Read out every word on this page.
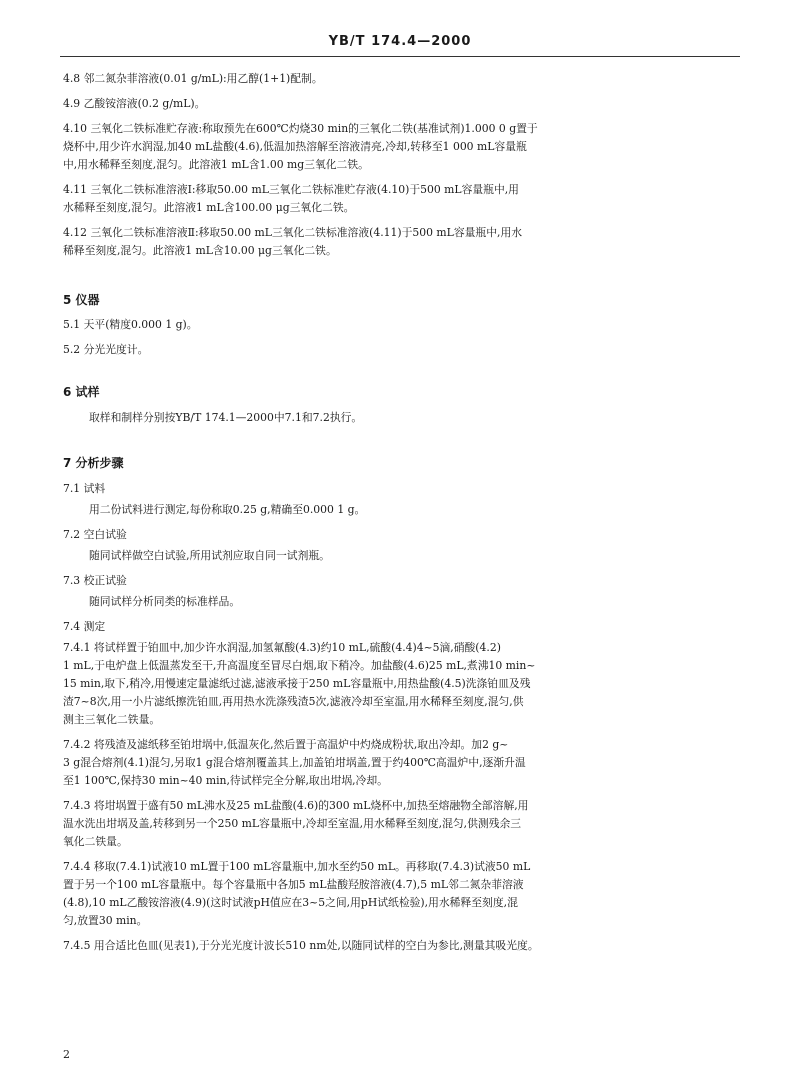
YB/T 174.4—2000
4.8 邻二氮杂菲溶液(0.01 g/mL):用乙醇(1+1)配制。
4.9 乙酸铵溶液(0.2 g/mL)。
4.10 三氧化二铁标准贮存液:称取预先在600℃灼烧30 min的三氧化二铁(基准试剂)1.000 0 g置于
烧杯中,用少许水润湿,加40 mL盐酸(4.6),低温加热溶解至溶液清亮,冷却,转移至1 000 mL容量瓶
中,用水稀释至刻度,混匀。此溶液1 mL含1.00 mg三氧化二铁。
4.11 三氧化二铁标准溶液Ⅰ:移取50.00 mL三氧化二铁标准贮存液(4.10)于500 mL容量瓶中,用
水稀释至刻度,混匀。此溶液1 mL含100.00 μg三氧化二铁。
4.12 三氧化二铁标准溶液Ⅱ:移取50.00 mL三氧化二铁标准溶液(4.11)于500 mL容量瓶中,用水
稀释至刻度,混匀。此溶液1 mL含10.00 μg三氧化二铁。
5.1 天平(精度0.000 1 g)。
5.2 分光光度计。
取样和制样分别按YB/T 174.1—2000中7.1和7.2执行。
7.1 试料
用二份试料进行测定,每份称取0.25 g,精确至0.000 1 g。
7.2 空白试验
随同试样做空白试验,所用试剂应取自同一试剂瓶。
7.3 校正试验
随同试样分析同类的标准样品。
7.4 测定
7.4.1 将试样置于铂皿中,加少许水润湿,加氢氟酸(4.3)约10 mL,硫酸(4.4)4~5滴,硝酸(4.2)
1 mL,于电炉盘上低温蒸发至干,升高温度至冒尽白烟,取下稍冷。加盐酸(4.6)25 mL,煮沸10 min~
15 min,取下,稍冷,用慢速定量滤纸过滤,滤液承接于250 mL容量瓶中,用热盐酸(4.5)洗涤铂皿及残
渣7~8次,用一小片滤纸擦洗铂皿,再用热水洗涤残渣5次,滤液冷却至室温,用水稀释至刻度,混匀,供
测主三氧化二铁量。
7.4.2 将残渣及滤纸移至铂坩埚中,低温灰化,然后置于高温炉中灼烧成粉状,取出冷却。加2 g~
3 g混合熔剂(4.1)混匀,另取1 g混合熔剂覆盖其上,加盖铂坩埚盖,置于约400℃高温炉中,逐渐升温
至1 100℃,保持30 min~40 min,待试样完全分解,取出坩埚,冷却。
7.4.3 将坩埚置于盛有50 mL沸水及25 mL盐酸(4.6)的300 mL烧杯中,加热至熔融物全部溶解,用
温水洗出坩埚及盖,转移到另一个250 mL容量瓶中,冷却至室温,用水稀释至刻度,混匀,供测残余三
氧化二铁量。
7.4.4 移取(7.4.1)试液10 mL置于100 mL容量瓶中,加水至约50 mL。再移取(7.4.3)试液50 mL
置于另一个100 mL容量瓶中。每个容量瓶中各加5 mL盐酸羟胺溶液(4.7),5 mL邻二氮杂菲溶液
(4.8),10 mL乙酸铵溶液(4.9)(这时试液pH值应在3~5之间,用pH试纸检验),用水稀释至刻度,混
匀,放置30 min。
7.4.5 用合适比色皿(见表1),于分光光度计波长510 nm处,以随同试样的空白为参比,测量其吸光度。
5 仪器
6 试样
7 分析步骤
2
